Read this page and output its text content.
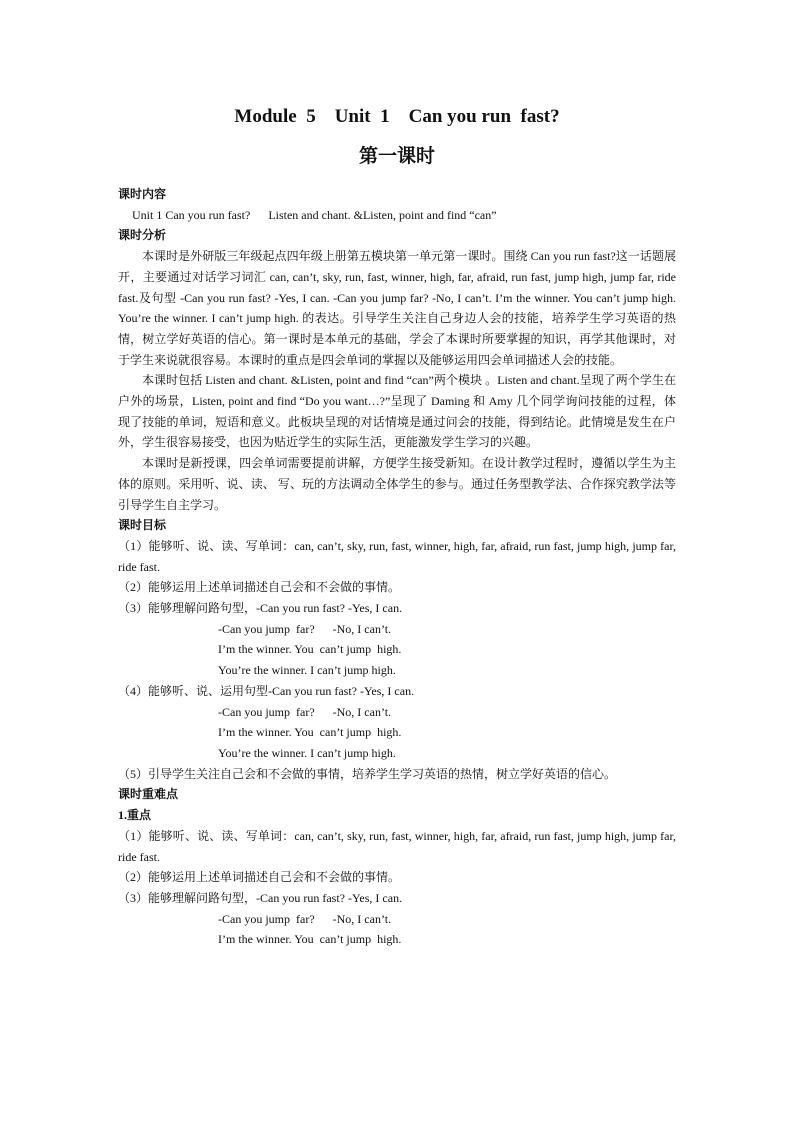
Module  5    Unit  1    Can you run  fast?
第一课时
课时内容
Unit 1 Can you run fast?      Listen and chant. &Listen, point and find “can”
课时分析
本课时是外研版三年级起点四年级上册第五模块第一单元第一课时。围绕 Can you run fast?这一话题展开，主要通过对话学习词汇 can, can’t, sky, run, fast, winner, high, far, afraid, run fast, jump high, jump far, ride fast.及句型 -Can you run fast? -Yes, I can. -Can you jump far? -No, I can’t. I’m the winner. You can’t jump high. You’re the winner. I can’t jump high. 的表达。引导学生关注自己身边人会的技能，培养学生学习英语的热情，树立学好英语的信心。第一课时是本单元的基础，学会了本课时所要掌握的知识，再学其他课时，对于学生来说就很容易。本课时的重点是四会单词的掌握以及能够运用四会单词描述人会的技能。
本课时包括 Listen and chant. &Listen, point and find “can”两个模块 。Listen and chant.呈现了两个学生在户外的场景，Listen, point and find “Do you want…?”呈现了 Daming 和 Amy 几个同学询问技能的过程，体现了技能的单词，短语和意义。此板块呈现的对话情境是通过问会的技能，得到结论。此情境是发生在户外，学生很容易接受，也因为贴近学生的实际生活，更能激发学生学习的兴趣。
本课时是新授课，四会单词需要提前讲解，方便学生接受新知。在设计教学过程时，遵循以学生为主体的原则。采用听、说、读、 写、玩的方法调动全体学生的参与。通过任务型教学法、合作探究教学法等引导学生自主学习。
课时目标
（1）能够听、说、读、写单词：can, can’t, sky, run, fast, winner, high, far, afraid, run fast, jump high, jump far, ride fast.
（2）能够运用上述单词描述自己会和不会做的事情。
（3）能够理解问路句型，-Can you run fast? -Yes, I can.
-Can you jump  far?      -No, I can’t.
I’m the winner. You  can’t jump  high.
You’re the winner. I can’t jump high.
（4）能够听、说、运用句型-Can you run fast? -Yes, I can.
-Can you jump  far?      -No, I can’t.
I’m the winner. You  can’t jump  high.
You’re the winner. I can’t jump high.
（5）引导学生关注自己会和不会做的事情，培养学生学习英语的热情，树立学好英语的信心。
课时重难点
1.重点
（1）能够听、说、读、写单词：can, can’t, sky, run, fast, winner, high, far, afraid, run fast, jump high, jump far, ride fast.
（2）能够运用上述单词描述自己会和不会做的事情。
（3）能够理解问路句型，-Can you run fast? -Yes, I can.
-Can you jump  far?      -No, I can’t.
I’m the winner. You  can’t jump  high.
